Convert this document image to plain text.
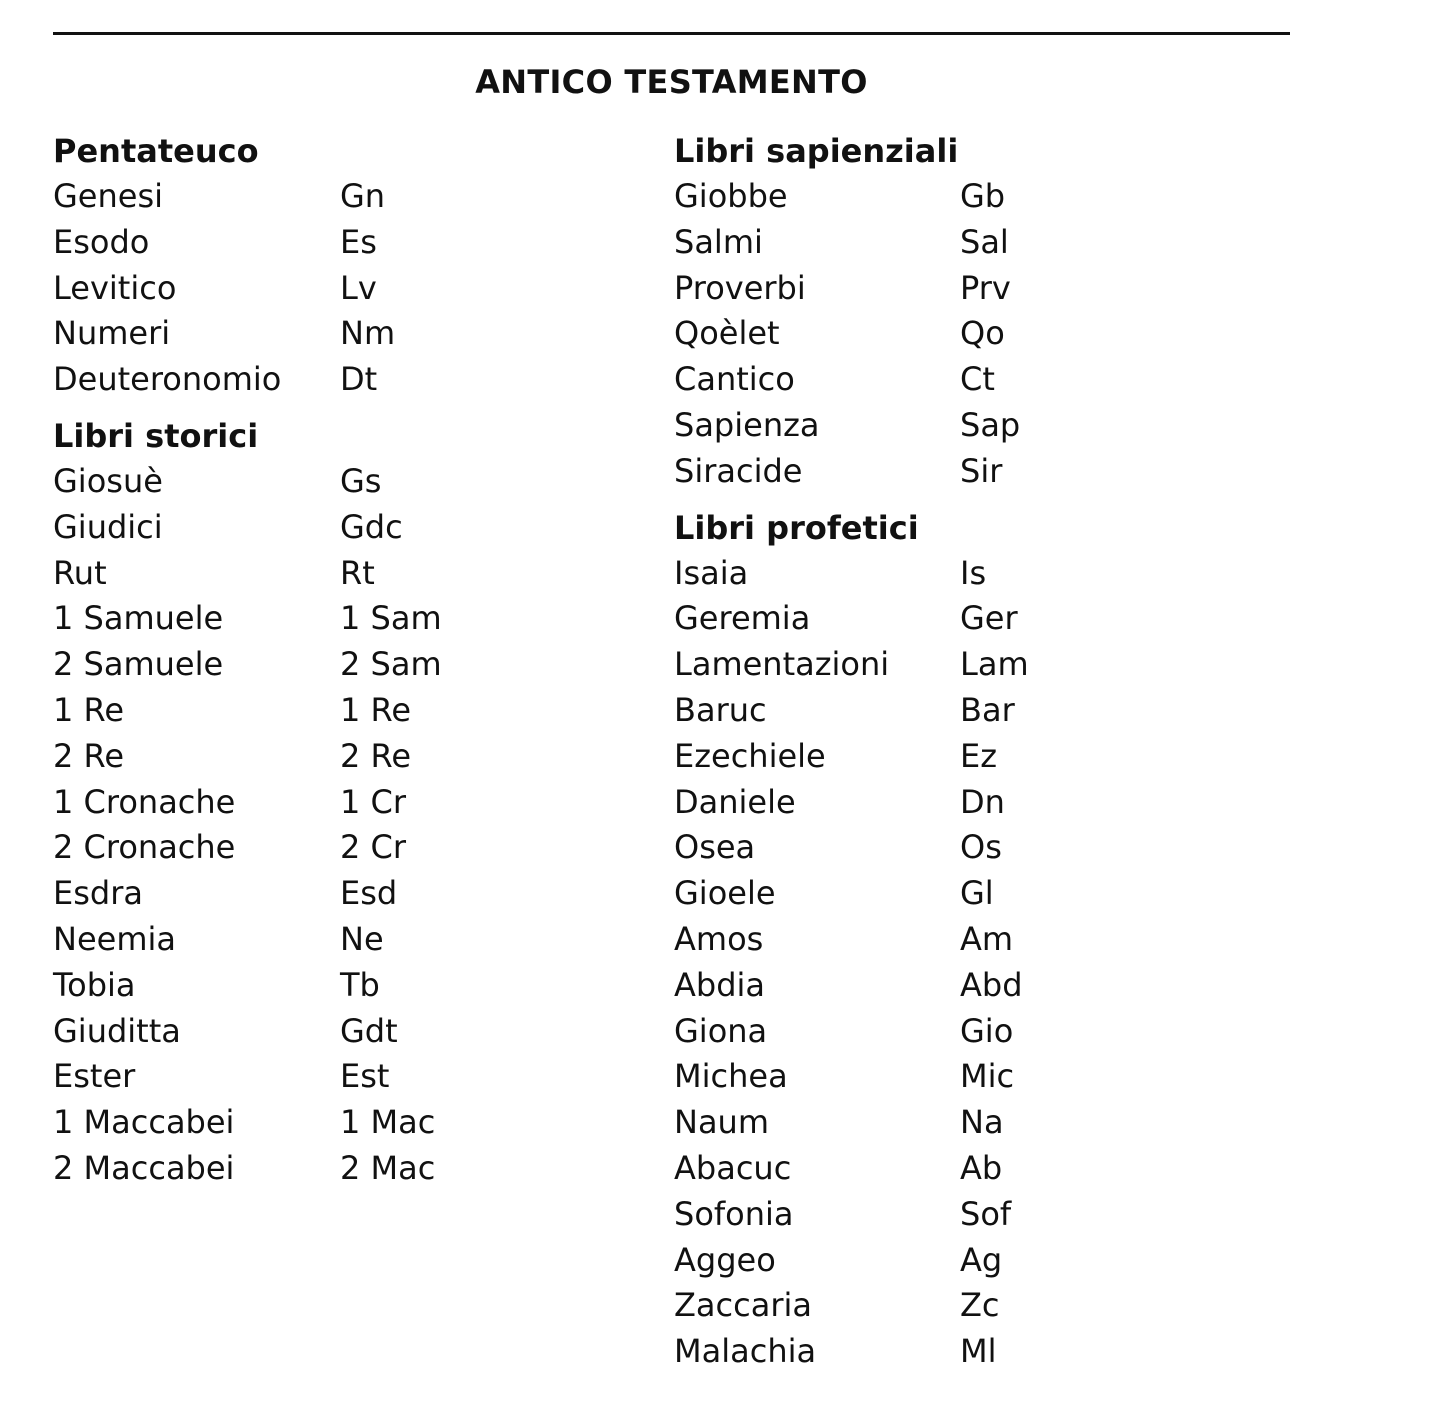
ANTICO TESTAMENTO
Pentateuco
Genesi	Gn
Esodo	Es
Levitico	Lv
Numeri	Nm
Deuteronomio	Dt
Libri storici
Giosuè	Gs
Giudici	Gdc
Rut	Rt
1 Samuele	1 Sam
2 Samuele	2 Sam
1 Re	1 Re
2 Re	2 Re
1 Cronache	1 Cr
2 Cronache	2 Cr
Esdra	Esd
Neemia	Ne
Tobia	Tb
Giuditta	Gdt
Ester	Est
1 Maccabei	1 Mac
2 Maccabei	2 Mac
Libri sapienziali
Giobbe	Gb
Salmi	Sal
Proverbi	Prv
Qoèlet	Qo
Cantico	Ct
Sapienza	Sap
Siracide	Sir
Libri profetici
Isaia	Is
Geremia	Ger
Lamentazioni	Lam
Baruc	Bar
Ezechiele	Ez
Daniele	Dn
Osea	Os
Gioele	Gl
Amos	Am
Abdia	Abd
Giona	Gio
Michea	Mic
Naum	Na
Abacuc	Ab
Sofonia	Sof
Aggeo	Ag
Zaccaria	Zc
Malachia	Ml
